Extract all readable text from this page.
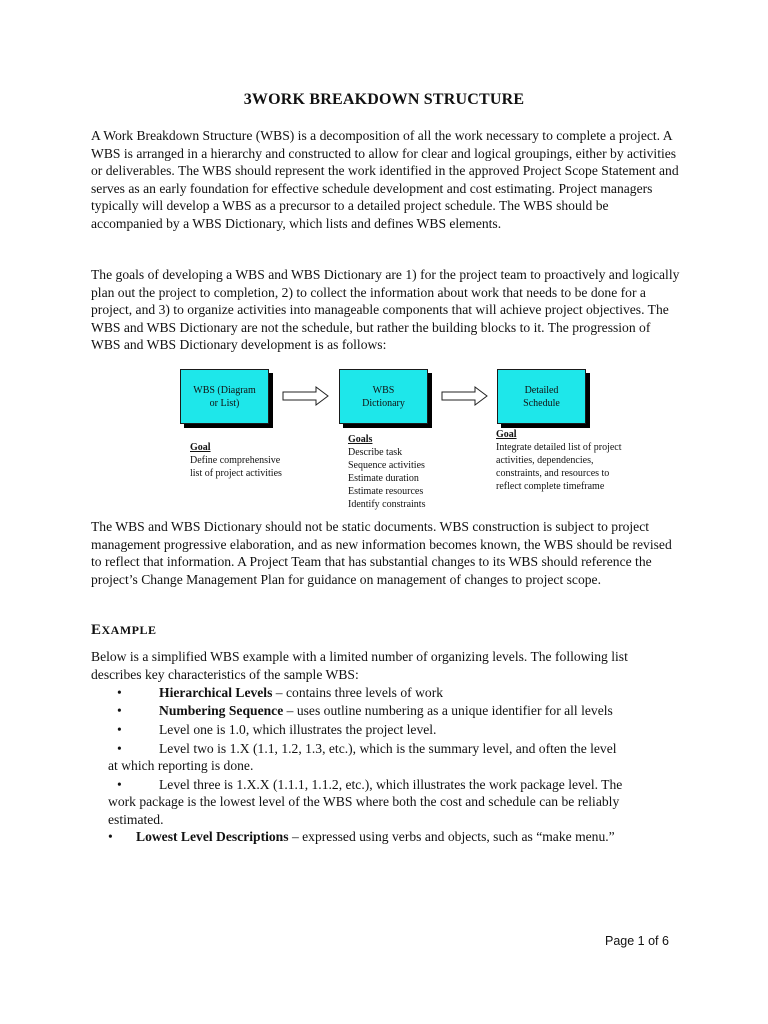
3WORK BREAKDOWN STRUCTURE

A Work Breakdown Structure (WBS) is a decomposition of all the work necessary to complete a project. A WBS is arranged in a hierarchy and constructed to allow for clear and logical groupings, either by activities or deliverables. The WBS should represent the work identified in the approved Project Scope Statement and serves as an early foundation for effective schedule development and cost estimating. Project managers typically will develop a WBS as a precursor to a detailed project schedule. The WBS should be accompanied by a WBS Dictionary, which lists and defines WBS elements.

The goals of developing a WBS and WBS Dictionary are 1) for the project team to proactively and logically plan out the project to completion, 2) to collect the information about work that needs to be done for a project, and 3) to organize activities into manageable components that will achieve project objectives. The WBS and WBS Dictionary are not the schedule, but rather the building blocks to it. The progression of WBS and WBS Dictionary development is as follows:

WBS (Diagram
or List)
WBS
Dictionary
Detailed
Schedule
Goal
Define comprehensive
list of project activities
Goals
Describe task
Sequence activities
Estimate duration
Estimate resources
Identify constraints
Goal
Integrate detailed list of project
activities, dependencies,
constraints, and resources to
reflect complete timeframe

The WBS and WBS Dictionary should not be static documents. WBS construction is subject to project management progressive elaboration, and as new information becomes known, the WBS should be revised to reflect that information. A Project Team that has substantial changes to its WBS should reference the project’s Change Management Plan for guidance on management of changes to project scope.

EXAMPLE

Below is a simplified WBS example with a limited number of organizing levels. The following list describes key characteristics of the sample WBS:

•	Hierarchical Levels – contains three levels of work
•	Numbering Sequence – uses outline numbering as a unique identifier for all levels
•	Level one is 1.0, which illustrates the project level.
•	Level two is 1.X (1.1, 1.2, 1.3, etc.), which is the summary level, and often the level
at which reporting is done.
•	Level three is 1.X.X (1.1.1, 1.1.2, etc.), which illustrates the work package level. The
work package is the lowest level of the WBS where both the cost and schedule can be reliably estimated.
• Lowest Level Descriptions – expressed using verbs and objects, such as “make menu.”
Page 1 of 6
